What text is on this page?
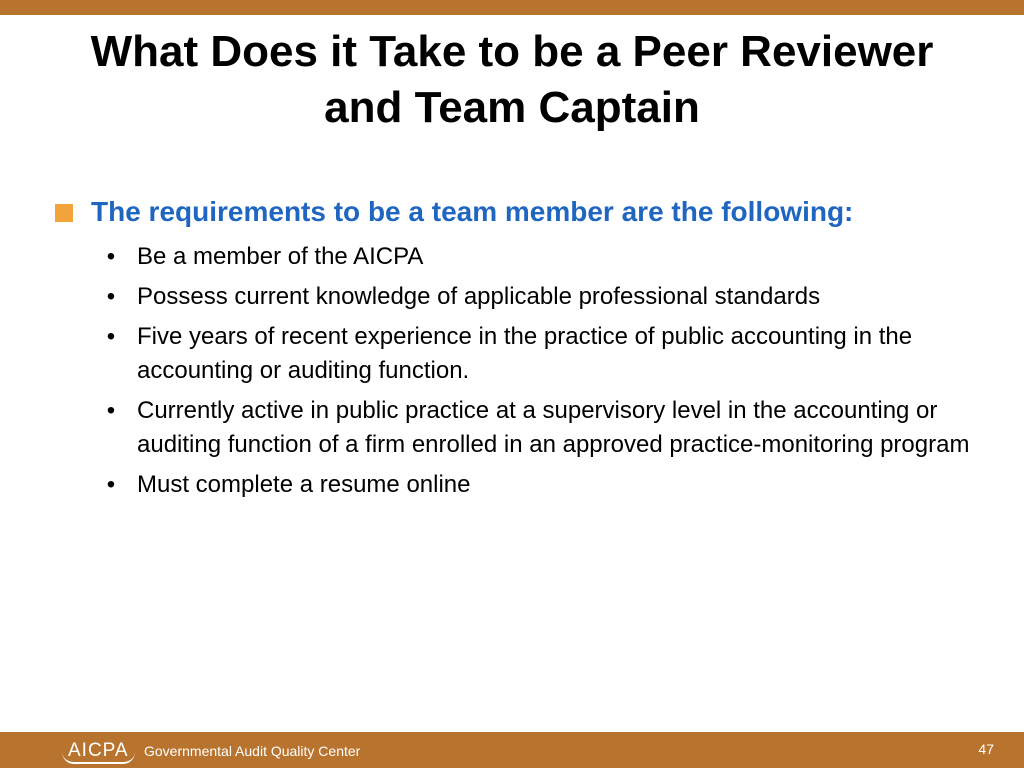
What Does it Take to be a Peer Reviewer
and Team Captain
The requirements to be a team member are the following:
• Be a member of the AICPA
• Possess current knowledge of applicable professional standards
• Five years of recent experience in the practice of public accounting in the accounting or auditing function.
• Currently active in public practice at a supervisory level in the accounting or auditing function of a firm enrolled in an approved practice-monitoring program
• Must complete a resume online
AICPA	Governmental Audit Quality Center	47
